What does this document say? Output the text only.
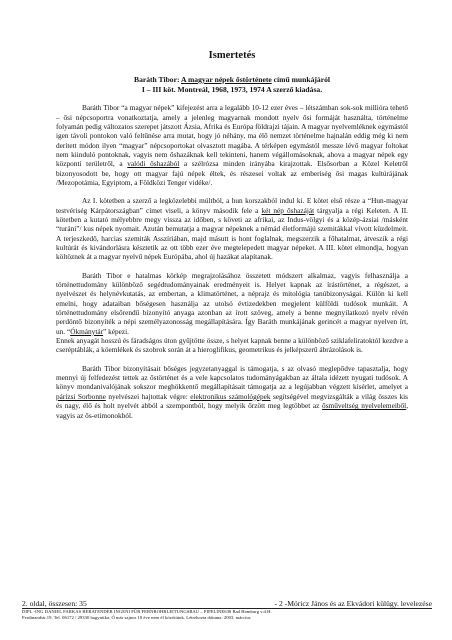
Ismertetés
Baráth Tibor: A magyar népek őstörténete című munkájáról
I – III köt. Montreál, 1968, 1973, 1974 A szerző kiadása.

Baráth Tibor “a magyar népek” kifejezést arra a legalább 10-12 ezer éves – létszámban sok-sok millióra tehető – ősi népcsoportra vonatkoztatja, amely a jelenleg magyarnak mondott nyelv ősi formáját használta, történelme folyamán pedig változatos szerepet játszott Ázsia, Afrika és Európa földrajzi tájain. A magyar nyelvemléknek egymástól igen távoli pontokon való feltűnése arra mutat, hogy jó néhány, ma élő nemzet történelme hajnalán eddig még ki nem derített módon ilyen “magyar” népcsoportokat olvasztott magába. A térképen egymástól messze lévő magyar foltokat nem kiinduló pontoknak, vagyis nem őshazáknak kell tekinteni, hanem végállomásoknak, ahova a magyar népek egy központi területről, a valódi őshazából a szélrózsa minden irányába kirajzottak. Elsősorban a Közel Keletről bizonyosodott be, hogy ott magyar fajú népek éltek, és részesei voltak az emberiség ősi magas kultúrájának /Mezopotámia, Egyiptom, a Földközi Tenger vidéke/.

Az I. kötetben a szerző a legközelebbi múltból, a hun korszakból indul ki. E kötet első része a “Hun-magyar testvériség Kárpátországban” címet viseli, a könyv második fele a két nép őshazáját tárgyalja a régi Keleten. A II. kötetben a kutató mélyebbre megy vissza az időben, s követi az afrikai, az Indus-völgyi és a közép-ázsiai /másként “turáni”/ kus népek nyomait. Azután bemutatja a magyar népeknek a némád életformájú szemitákkal vívott küzdelmeit. A terjeszkedő, harcias szemiták Asszíriában, majd másutt is hont foglalnak, megszerzik a főhatalmat, átveszik a régi kultúrát és kivándorlásra késztetik az ott több ezer éve megtelepedett magyar népeket. A III. kötet elmondja, hogyan költöznek át a magyar nyelvű népek Európába, ahol új hazákat alapítanak.

Baráth Tibor e hatalmas körkép megrajzolásához összetett módszert alkalmaz, vagyis felhasználja a történettudomány különböző segédtudományainak eredményeit is. Helyet kapnak az írástörténet, a régészet, a nyelvészet és helynévkutatás, az embertan, a klimatörténet, a néprajz és mitológia tanúbizonyságai. Külön ki kell emelni, hogy adataiban bőségesen használja az utolsó évtizedekben megjelent külföldi tudósok munkáit. A történettudomány elsőrendű bizonyító anyaga azonban az írott szöveg, amely a benne megnyilatkozó nyelv révén perdöntő bizonyíték a népi személyazonosság megállapítására. Így Baráth munkájának gerincét a magyar nyelven írt, un. “Ókmánytár” képezi.

Ennek anyagát hosszú és fáradságos úton gyűjtötte össze, s helyet kapnak benne a különböző sziklafeliratoktól kezdve a cseréptáblák, a köemlékek és szobrok során át a hieroglifikus, geometrikus és jelképszerű ábrázolások is.

Baráth Tibor bizonyításait bőséges jegyzetanyaggal is támogatja, s az olvasó meglepődve tapasztalja, hogy mennyi új felfedezést tettek az őstörténet és a vele kapcsolatos tudományágakban az általa idézett nyugati tudósok. A könyv mondanivalójának sokszor meghökkentő megállapításait támogatja az a legújabban végzett kísérlet, amelyet a párizsi Sorbonne nyelvészei hajtottak végre: elektronikus számológépek segítségével megvizsgálták a világ összes kis és nagy, élő és holt nyelvét abból a szempontból, hogy melyik őrzött meg legtöbbet az ősműveltség nyelvelemeiből, vagyis az ős-etimonokból.

2. oldal, összesen: 35	- 2 -Móricz János és az Ekvádori külügy. levelezése
DIPL.-ING DANIEL FARKAS BERATENDER INGENI FÜR FERNROHRLEITUNGSBAU – PIPELINE638 Bad Homburg v.d.H.
Ferdinandstr.19, Tel. 06172 / 29330 hagyntika. Ó már sajnos 10 éve nem él közöttünk. Létrehozta dátuma: 2003. március
